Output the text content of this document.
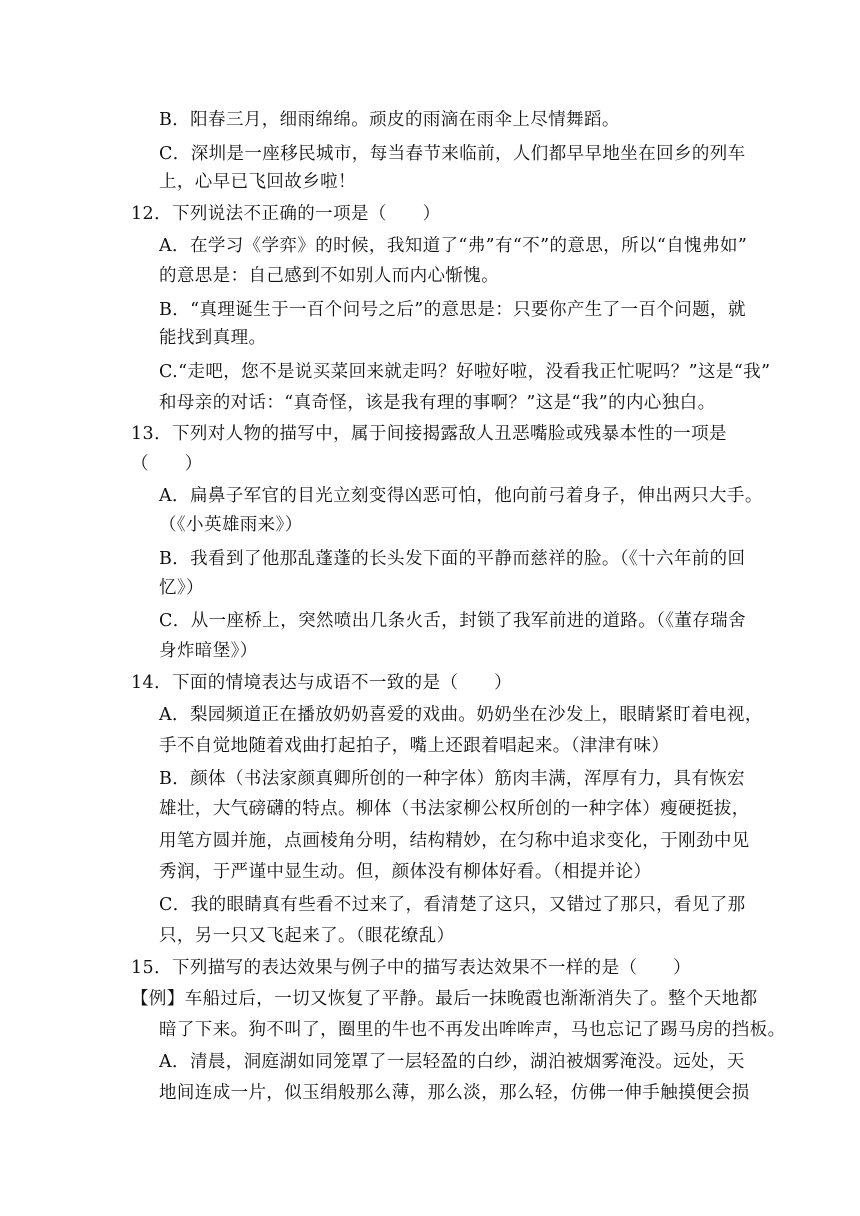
B．阳春三月，细雨绵绵。顽皮的雨滴在雨伞上尽情舞蹈。
C．深圳是一座移民城市，每当春节来临前，人们都早早地坐在回乡的列车
上，心早已飞回故乡啦！
12．下列说法不正确的一项是（　　）
A．在学习《学弈》的时候，我知道了“弗”有“不”的意思，所以“自愧弗如”
的意思是：自己感到不如别人而内心惭愧。
B．“真理诞生于一百个问号之后”的意思是：只要你产生了一百个问题，就
能找到真理。
C.“走吧，您不是说买菜回来就走吗？好啦好啦，没看我正忙呢吗？”这是“我”
和母亲的对话：“真奇怪，该是我有理的事啊？”这是“我”的内心独白。
13．下列对人物的描写中，属于间接揭露敌人丑恶嘴脸或残暴本性的一项是
（　　）
A．扁鼻子军官的目光立刻变得凶恶可怕，他向前弓着身子，伸出两只大手。
（《小英雄雨来》）
B．我看到了他那乱蓬蓬的长头发下面的平静而慈祥的脸。（《十六年前的回
忆》）
C．从一座桥上，突然喷出几条火舌，封锁了我军前进的道路。（《董存瑞舍
身炸暗堡》）
14．下面的情境表达与成语不一致的是（　　）
A．梨园频道正在播放奶奶喜爱的戏曲。奶奶坐在沙发上，眼睛紧盯着电视，
手不自觉地随着戏曲打起拍子，嘴上还跟着唱起来。（津津有味）
B．颜体（书法家颜真卿所创的一种字体）筋肉丰满，浑厚有力，具有恢宏
雄壮，大气磅礴的特点。柳体（书法家柳公权所创的一种字体）瘦硬挺拔，
用笔方圆并施，点画棱角分明，结构精妙，在匀称中追求变化，于刚劲中见
秀润，于严谨中显生动。但，颜体没有柳体好看。（相提并论）
C．我的眼睛真有些看不过来了，看清楚了这只，又错过了那只，看见了那
只，另一只又飞起来了。（眼花缭乱）
15．下列描写的表达效果与例子中的描写表达效果不一样的是（　　）
【例】车船过后，一切又恢复了平静。最后一抹晚霞也渐渐消失了。整个天地都
暗了下来。狗不叫了，圈里的牛也不再发出哞哞声，马也忘记了踢马房的挡板。
A．清晨，洞庭湖如同笼罩了一层轻盈的白纱，湖泊被烟雾淹没。远处，天
地间连成一片，似玉绢般那么薄，那么淡，那么轻，仿佛一伸手触摸便会损
